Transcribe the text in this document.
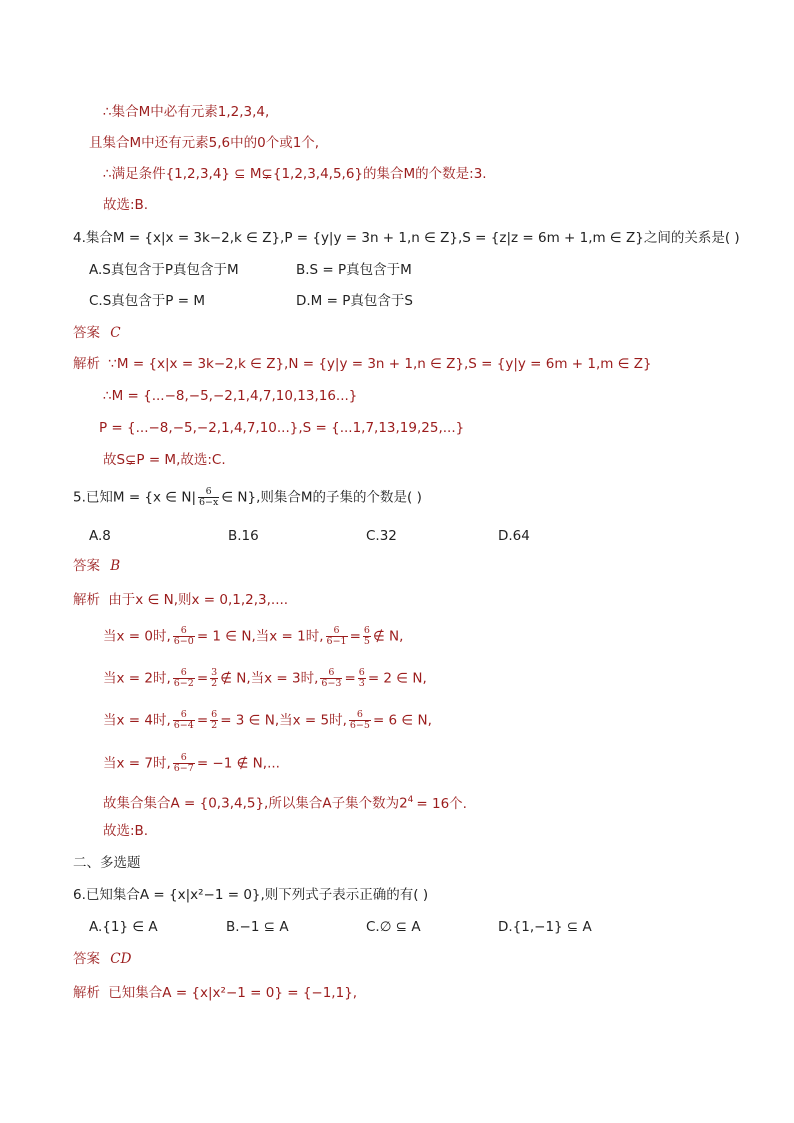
∴集合M中必有元素1,2,3,4,
且集合M中还有元素5,6中的0个或1个,
∴满足条件{1,2,3,4} ⊆ M⊊{1,2,3,4,5,6}的集合M的个数是:3.
故选:B.
4.集合M = {x|x = 3k−2,k ∈ Z},P = {y|y = 3n + 1,n ∈ Z},S = {z|z = 6m + 1,m ∈ Z}之间的关系是( )
A.S真包含于P真包含于M	B.S = P真包含于M
C.S真包含于P = M	D.M = P真包含于S
答案 C
解析 ∵M = {x|x = 3k−2,k ∈ Z},N = {y|y = 3n + 1,n ∈ Z},S = {y|y = 6m + 1,m ∈ Z}
∴M = {...−8,−5,−2,1,4,7,10,13,16...}
P = {...−8,−5,−2,1,4,7,10...},S = {...1,7,13,19,25,...}
故S⊊P = M,故选:C.
5.已知M = {x ∈ $N| \frac{6}{6-x}$ ∈ N},则集合M的子集的个数是( )
A.8	B.16	C.32	D.64
答案 B
解析 由于x ∈ N,则x = 0,1,2,3,....
当x = 0时, $\frac{6}{6-0} = 1$ ∈ N,当x = 1时, $\frac{6}{6-1} = \frac{6}{5}$ ∉ N,
当x = 2时, $\frac{6}{6-2} = \frac{3}{2}$ ∉ N,当x = 3时, $\frac{6}{6-3} = \frac{6}{3} = 2$ ∈ N,
当x = 4时, $\frac{6}{6-4} = \frac{6}{2} = 3$ ∈ N,当x = 5时, $\frac{6}{6-5} = 6$ ∈ N,
当x = 7时, $\frac{6}{6-7} = -1$ ∉ N,...
故集合集合A = {0,3,4,5},所以集合A子集个数为$2^4 = 16$个.
故选:B.
二、多选题
6.已知集合A = {x|x²−1 = 0},则下列式子表示正确的有( )
A.{1} ∈ A	B.−1 ⊆ A	C.∅ ⊆ A	D.{1,−1} ⊆ A
答案 CD
解析 已知集合A = {x|x²−1 = 0} = {−1,1},
